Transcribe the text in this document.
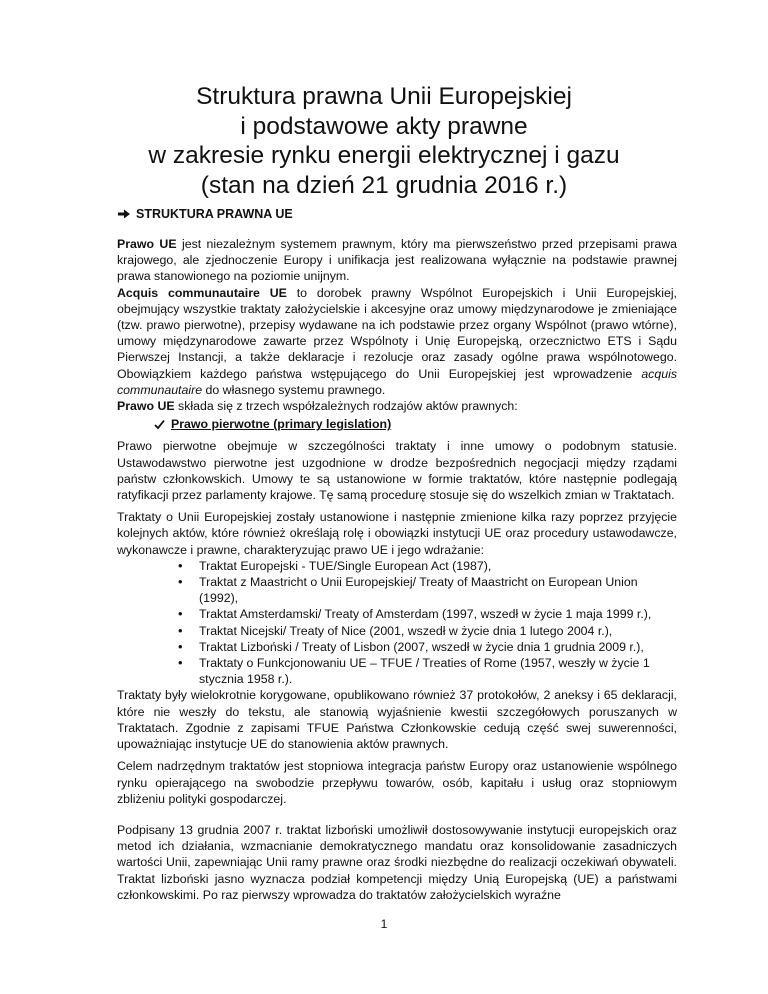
Struktura prawna Unii Europejskiej
i podstawowe akty prawne
w zakresie rynku energii elektrycznej i gazu
(stan na dzień 21 grudnia 2016 r.)
STRUKTURA PRAWNA UE

Prawo UE jest niezależnym systemem prawnym, który ma pierwszeństwo przed przepisami prawa krajowego, ale zjednoczenie Europy i unifikacja jest realizowana wyłącznie na podstawie prawnej prawa stanowionego na poziomie unijnym.

Acquis communautaire UE to dorobek prawny Wspólnot Europejskich i Unii Europejskiej, obejmujący wszystkie traktaty założycielskie i akcesyjne oraz umowy międzynarodowe je zmieniające (tzw. prawo pierwotne), przepisy wydawane na ich podstawie przez organy Wspólnot (prawo wtórne), umowy międzynarodowe zawarte przez Wspólnoty i Unię Europejską, orzecznictwo ETS i Sądu Pierwszej Instancji, a także deklaracje i rezolucje oraz zasady ogólne prawa wspólnotowego. Obowiązkiem każdego państwa wstępującego do Unii Europejskiej jest wprowadzenie acquis communautaire do własnego systemu prawnego.

Prawo UE składa się z trzech współzależnych rodzajów aktów prawnych:

Prawo pierwotne (primary legislation)

Prawo pierwotne obejmuje w szczególności traktaty i inne umowy o podobnym statusie. Ustawodawstwo pierwotne jest uzgodnione w drodze bezpośrednich negocjacji między rządami państw członkowskich. Umowy te są ustanowione w formie traktatów, które następnie podlegają ratyfikacji przez parlamenty krajowe. Tę samą procedurę stosuje się do wszelkich zmian w Traktatach.

Traktaty o Unii Europejskiej zostały ustanowione i następnie zmienione kilka razy poprzez przyjęcie kolejnych aktów, które również określają rolę i obowiązki instytucji UE oraz procedury ustawodawcze, wykonawcze i prawne, charakteryzując prawo UE i jego wdrażanie:

• Traktat Europejski - TUE/Single European Act (1987),
• Traktat z Maastricht o Unii Europejskiej/ Treaty of Maastricht on European Union (1992),
• Traktat Amsterdamski/ Treaty of Amsterdam (1997, wszedł w życie 1 maja 1999 r.),
• Traktat Nicejski/ Treaty of Nice (2001, wszedł w życie dnia 1 lutego 2004 r.),
• Traktat Lizboński / Treaty of Lisbon (2007, wszedł w życie dnia 1 grudnia 2009 r.),
• Traktaty o Funkcjonowaniu UE – TFUE / Treaties of Rome (1957, weszły w życie 1 stycznia 1958 r.).

Traktaty były wielokrotnie korygowane, opublikowano również 37 protokołów, 2 aneksy i 65 deklaracji, które nie weszły do tekstu, ale stanowią wyjaśnienie kwestii szczegółowych poruszanych w Traktatach. Zgodnie z zapisami TFUE Państwa Członkowskie cedują część swej suwerenności, upoważniając instytucje UE do stanowienia aktów prawnych.

Celem nadrzędnym traktatów jest stopniowa integracja państw Europy oraz ustanowienie wspólnego rynku opierającego na swobodzie przepływu towarów, osób, kapitału i usług oraz stopniowym zbliżeniu polityki gospodarczej.

Podpisany 13 grudnia 2007 r. traktat lizboński umożliwił dostosowywanie instytucji europejskich oraz metod ich działania, wzmacnianie demokratycznego mandatu oraz konsolidowanie zasadniczych wartości Unii, zapewniając Unii ramy prawne oraz środki niezbędne do realizacji oczekiwań obywateli. Traktat lizboński jasno wyznacza podział kompetencji między Unią Europejską (UE) a państwami członkowskimi. Po raz pierwszy wprowadza do traktatów założycielskich wyraźne

1
